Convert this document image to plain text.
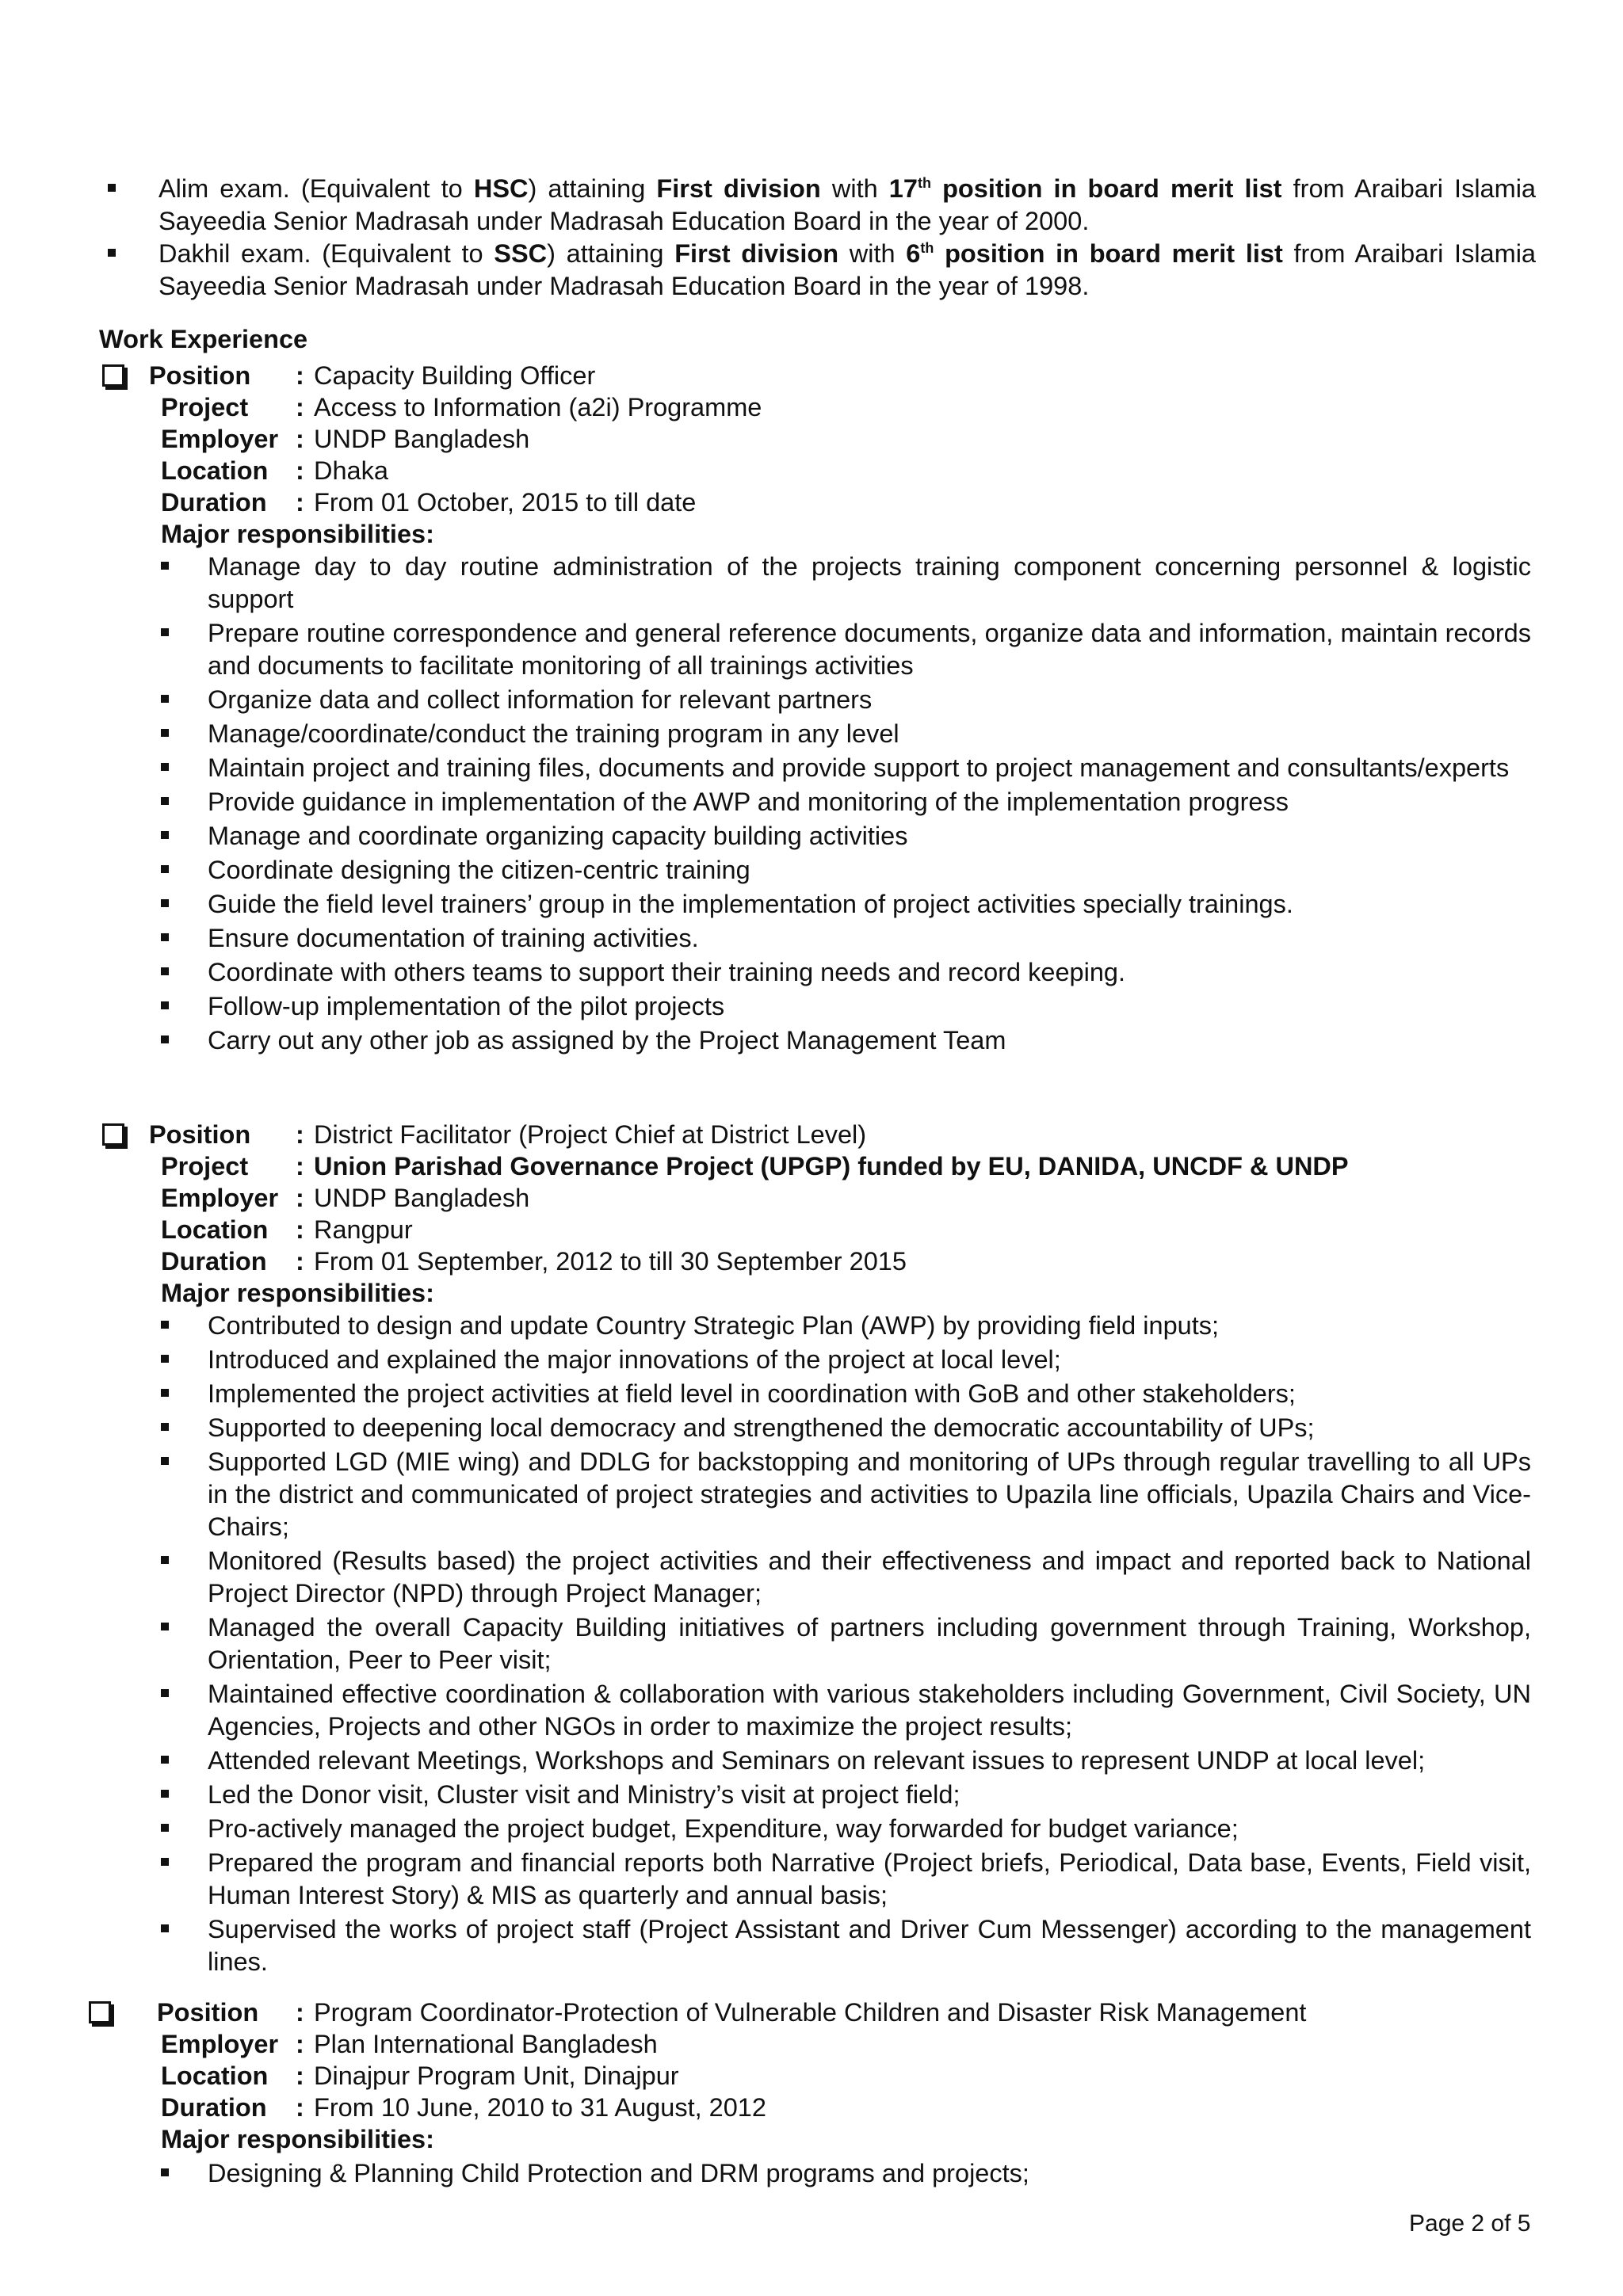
Alim exam. (Equivalent to HSC) attaining First division with 17th position in board merit list from Araibari Islamia Sayeedia Senior Madrasah under Madrasah Education Board in the year of 2000.
Dakhil exam. (Equivalent to SSC) attaining First division with 6th position in board merit list from Araibari Islamia Sayeedia Senior Madrasah under Madrasah Education Board in the year of 1998.
Work Experience
Position : Capacity Building Officer
Project : Access to Information (a2i) Programme
Employer : UNDP Bangladesh
Location : Dhaka
Duration : From 01 October, 2015 to till date
Major responsibilities:
Manage day to day routine administration of the projects training component concerning personnel & logistic support
Prepare routine correspondence and general reference documents, organize data and information, maintain records and documents to facilitate monitoring of all trainings activities
Organize data and collect information for relevant partners
Manage/coordinate/conduct the training program in any level
Maintain project and training files, documents and provide support to project management and consultants/experts
Provide guidance in implementation of the AWP and monitoring of the implementation progress
Manage and coordinate organizing capacity building activities
Coordinate designing the citizen-centric training
Guide the field level trainers’ group in the implementation of project activities specially trainings.
Ensure documentation of training activities.
Coordinate with others teams to support their training needs and record keeping.
Follow-up implementation of the pilot projects
Carry out any other job as assigned by the Project Management Team
Position : District Facilitator (Project Chief at District Level)
Project : Union Parishad Governance Project (UPGP) funded by EU, DANIDA, UNCDF & UNDP
Employer : UNDP Bangladesh
Location : Rangpur
Duration : From 01 September, 2012 to till 30 September 2015
Major responsibilities:
Contributed to design and update Country Strategic Plan (AWP) by providing field inputs;
Introduced and explained the major innovations of the project at local level;
Implemented the project activities at field level in coordination with GoB and other stakeholders;
Supported to deepening local democracy and strengthened the democratic accountability of UPs;
Supported LGD (MIE wing) and DDLG for backstopping and monitoring of UPs through regular travelling to all UPs in the district and communicated of project strategies and activities to Upazila line officials, Upazila Chairs and Vice-Chairs;
Monitored (Results based) the project activities and their effectiveness and impact and reported back to National Project Director (NPD) through Project Manager;
Managed the overall Capacity Building initiatives of partners including government through Training, Workshop, Orientation, Peer to Peer visit;
Maintained effective coordination & collaboration with various stakeholders including Government, Civil Society, UN Agencies, Projects and other NGOs in order to maximize the project results;
Attended relevant Meetings, Workshops and Seminars on relevant issues to represent UNDP at local level;
Led the Donor visit, Cluster visit and Ministry’s visit at project field;
Pro-actively managed the project budget, Expenditure, way forwarded for budget variance;
Prepared the program and financial reports both Narrative (Project briefs, Periodical, Data base, Events, Field visit, Human Interest Story) & MIS as quarterly and annual basis;
Supervised the works of project staff (Project Assistant and Driver Cum Messenger) according to the management lines.
Position : Program Coordinator-Protection of Vulnerable Children and Disaster Risk Management
Employer : Plan International Bangladesh
Location : Dinajpur Program Unit, Dinajpur
Duration : From 10 June, 2010 to 31 August, 2012
Major responsibilities:
Designing & Planning Child Protection and DRM programs and projects;
Page 2 of 5
